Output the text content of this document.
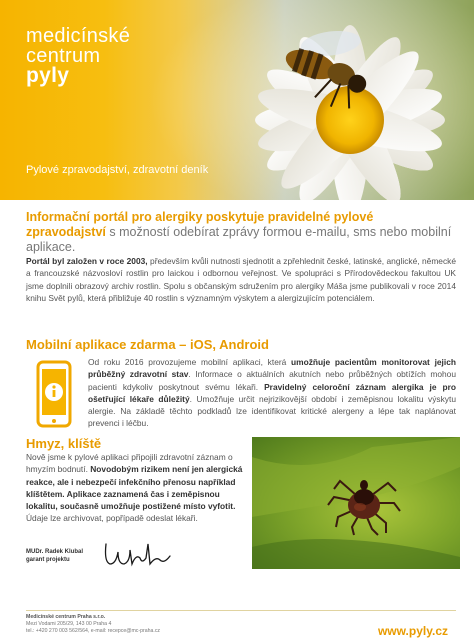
medicínské
centrum
pyly
Pylové zpravodajství, zdravotní deník
Informační portál pro alergiky poskytuje pravidelné pylové zpravodajství s možností odebírat zprávy formou e-mailu, sms nebo mobilní aplikace.
Portál byl založen v roce 2003, především kvůli nutnosti sjednotit a zpřehlednit české, latinské, anglické, německé a francouzské názvosloví rostlin pro laickou i odbornou veřejnost. Ve spolupráci s Přírodovědeckou fakultou UK jsme doplnili obrazový archiv rostlin. Spolu s občanským sdružením pro alergiky Máša jsme publikovali v roce 2014 knihu Svět pylů, která přibližuje 40 rostlin s významným výskytem a alergizujícím potenciálem.
Mobilní aplikace zdarma – iOS, Android
Od roku 2016 provozujeme mobilní aplikaci, která umožňuje pacientům monitorovat jejich průběžný zdravotní stav. Informace o aktuálních akutních nebo průběžných obtížích mohou pacienti kdykoliv poskytnout svému lékaři. Pravidelný celoroční záznam alergika je pro ošetřující lékaře důležitý. Umožňuje určit nejrizikovější období i zeměpisnou lokalitu výskytu alergie. Na základě těchto podkladů lze identifikovat kritické alergeny a lépe tak naplánovat prevenci i léčbu.
Hmyz, klíště
Nově jsme k pylové aplikaci připojili zdravotní záznam o hmyzím bodnutí. Novodobým rizikem není jen alergická reakce, ale i nebezpečí infekčního přenosu například klíštětem. Aplikace zaznamená čas i zeměpisnou lokalitu, současně umožňuje postižené místo vyfotit. Údaje lze archivovat, popřípadě odeslat lékaři.
MUDr. Radek Klubal
garant projektu
Medicínské centrum Praha s.r.o.
Mezi Vodami 205/29, 143 00 Praha 4
tel.: +420 270 003 562/564, e-mail: recepce@mc-praha.cz	www.pyly.cz
